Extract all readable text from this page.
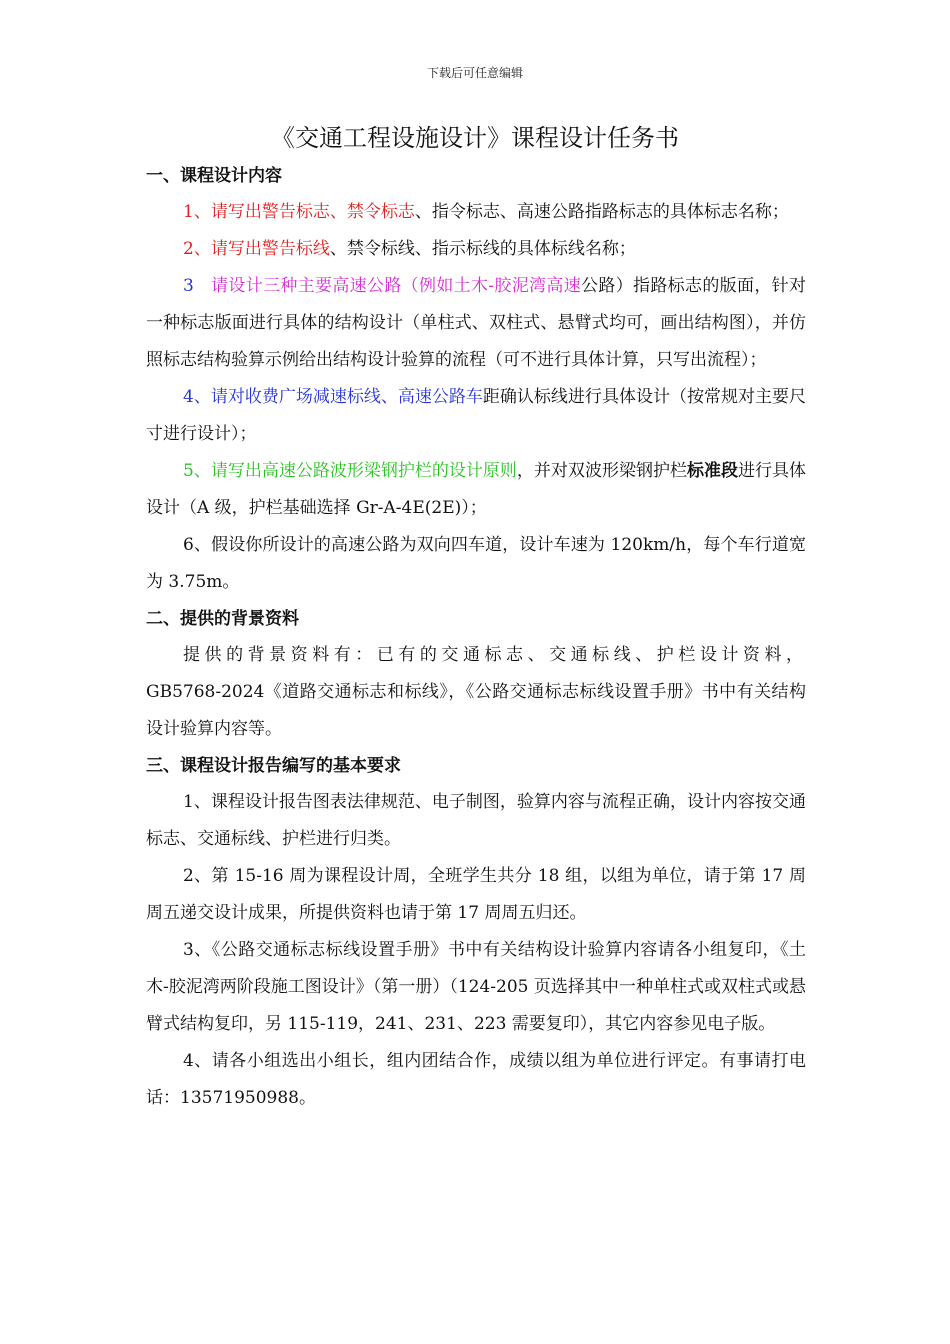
下载后可任意编辑
《交通工程设施设计》课程设计任务书
一、课程设计内容
1、请写出警告标志、禁令标志、指令标志、高速公路指路标志的具体标志名称；
2、请写出警告标线、禁令标线、指示标线的具体标线名称；
3 请设计三种主要高速公路（例如土木-胶泥湾高速公路）指路标志的版面，针对一种标志版面进行具体的结构设计（单柱式、双柱式、悬臂式均可，画出结构图），并仿照标志结构验算示例给出结构设计验算的流程（可不进行具体计算，只写出流程）；
4、请对收费广场减速标线、高速公路车距确认标线进行具体设计（按常规对主要尺寸进行设计）；
5、请写出高速公路波形梁钢护栏的设计原则，并对双波形梁钢护栏标准段进行具体设计（A 级，护栏基础选择 Gr-A-4E(2E)）；
6、假设你所设计的高速公路为双向四车道，设计车速为 120km/h，每个车行道宽为 3.75m。
二、提供的背景资料
提供的背景资料有：已有的交通标志、交通标线、护栏设计资料，GB5768-2024《道路交通标志和标线》，《公路交通标志标线设置手册》书中有关结构设计验算内容等。
三、课程设计报告编写的基本要求
1、课程设计报告图表法律规范、电子制图，验算内容与流程正确，设计内容按交通标志、交通标线、护栏进行归类。
2、第 15-16 周为课程设计周，全班学生共分 18 组，以组为单位，请于第 17 周周五递交设计成果，所提供资料也请于第 17 周周五归还。
3、《公路交通标志标线设置手册》书中有关结构设计验算内容请各小组复印，《土木-胶泥湾两阶段施工图设计》（第一册）（124-205 页选择其中一种单柱式或双柱式或悬臂式结构复印，另 115-119，241、231、223 需要复印），其它内容参见电子版。
4、请各小组选出小组长，组内团结合作，成绩以组为单位进行评定。有事请打电话：13571950988。
